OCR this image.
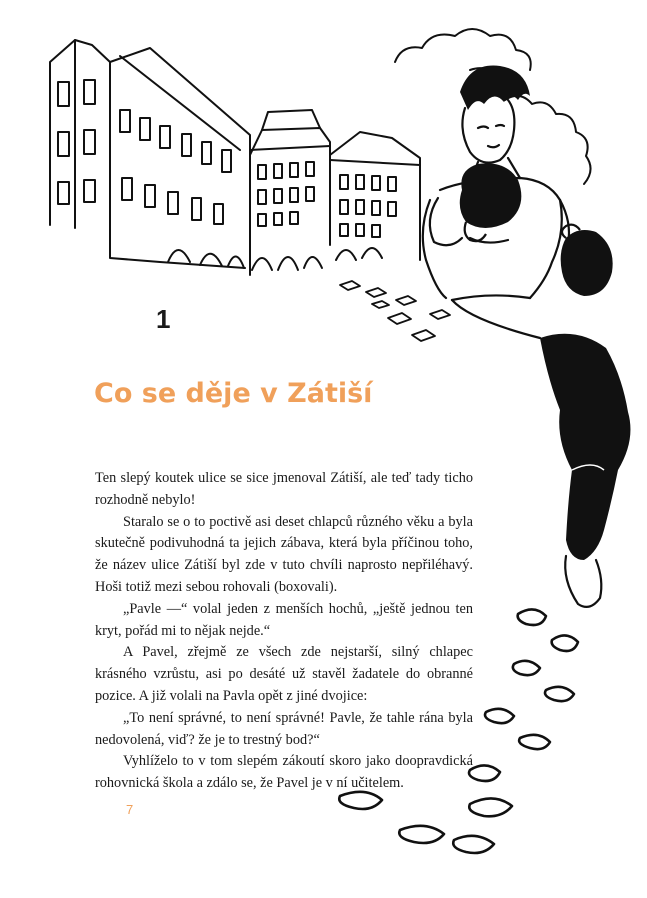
1
Co se děje v Zátiší

Ten slepý koutek ulice se sice jmenoval Zátiší, ale teď tady ticho rozhodně nebylo!

Staralo se o to poctivě asi deset chlapců různého věku a byla skutečně podivuhodná ta jejich zábava, která byla příčinou toho, že název ulice Zátiší byl zde v tuto chvíli naprosto nepřiléhavý. Hoši totiž mezi sebou rohovali (boxovali).

„Pavle —“ volal jeden z menších hochů, „ještě jednou ten kryt, pořád mi to nějak nejde.“

A Pavel, zřejmě ze všech zde nejstarší, silný chlapec krásného vzrůstu, asi po desáté už stavěl žadatele do obranné pozice. A již volali na Pavla opět z jiné dvojice:

„To není správné, to není správné! Pavle, že tahle rána byla nedovolená, viď? že je to trestný bod?“

Vyhlíželo to v tom slepém zákoutí skoro jako doopravdická rohovnická škola a zdálo se, že Pavel je v ní učitelem.

7
